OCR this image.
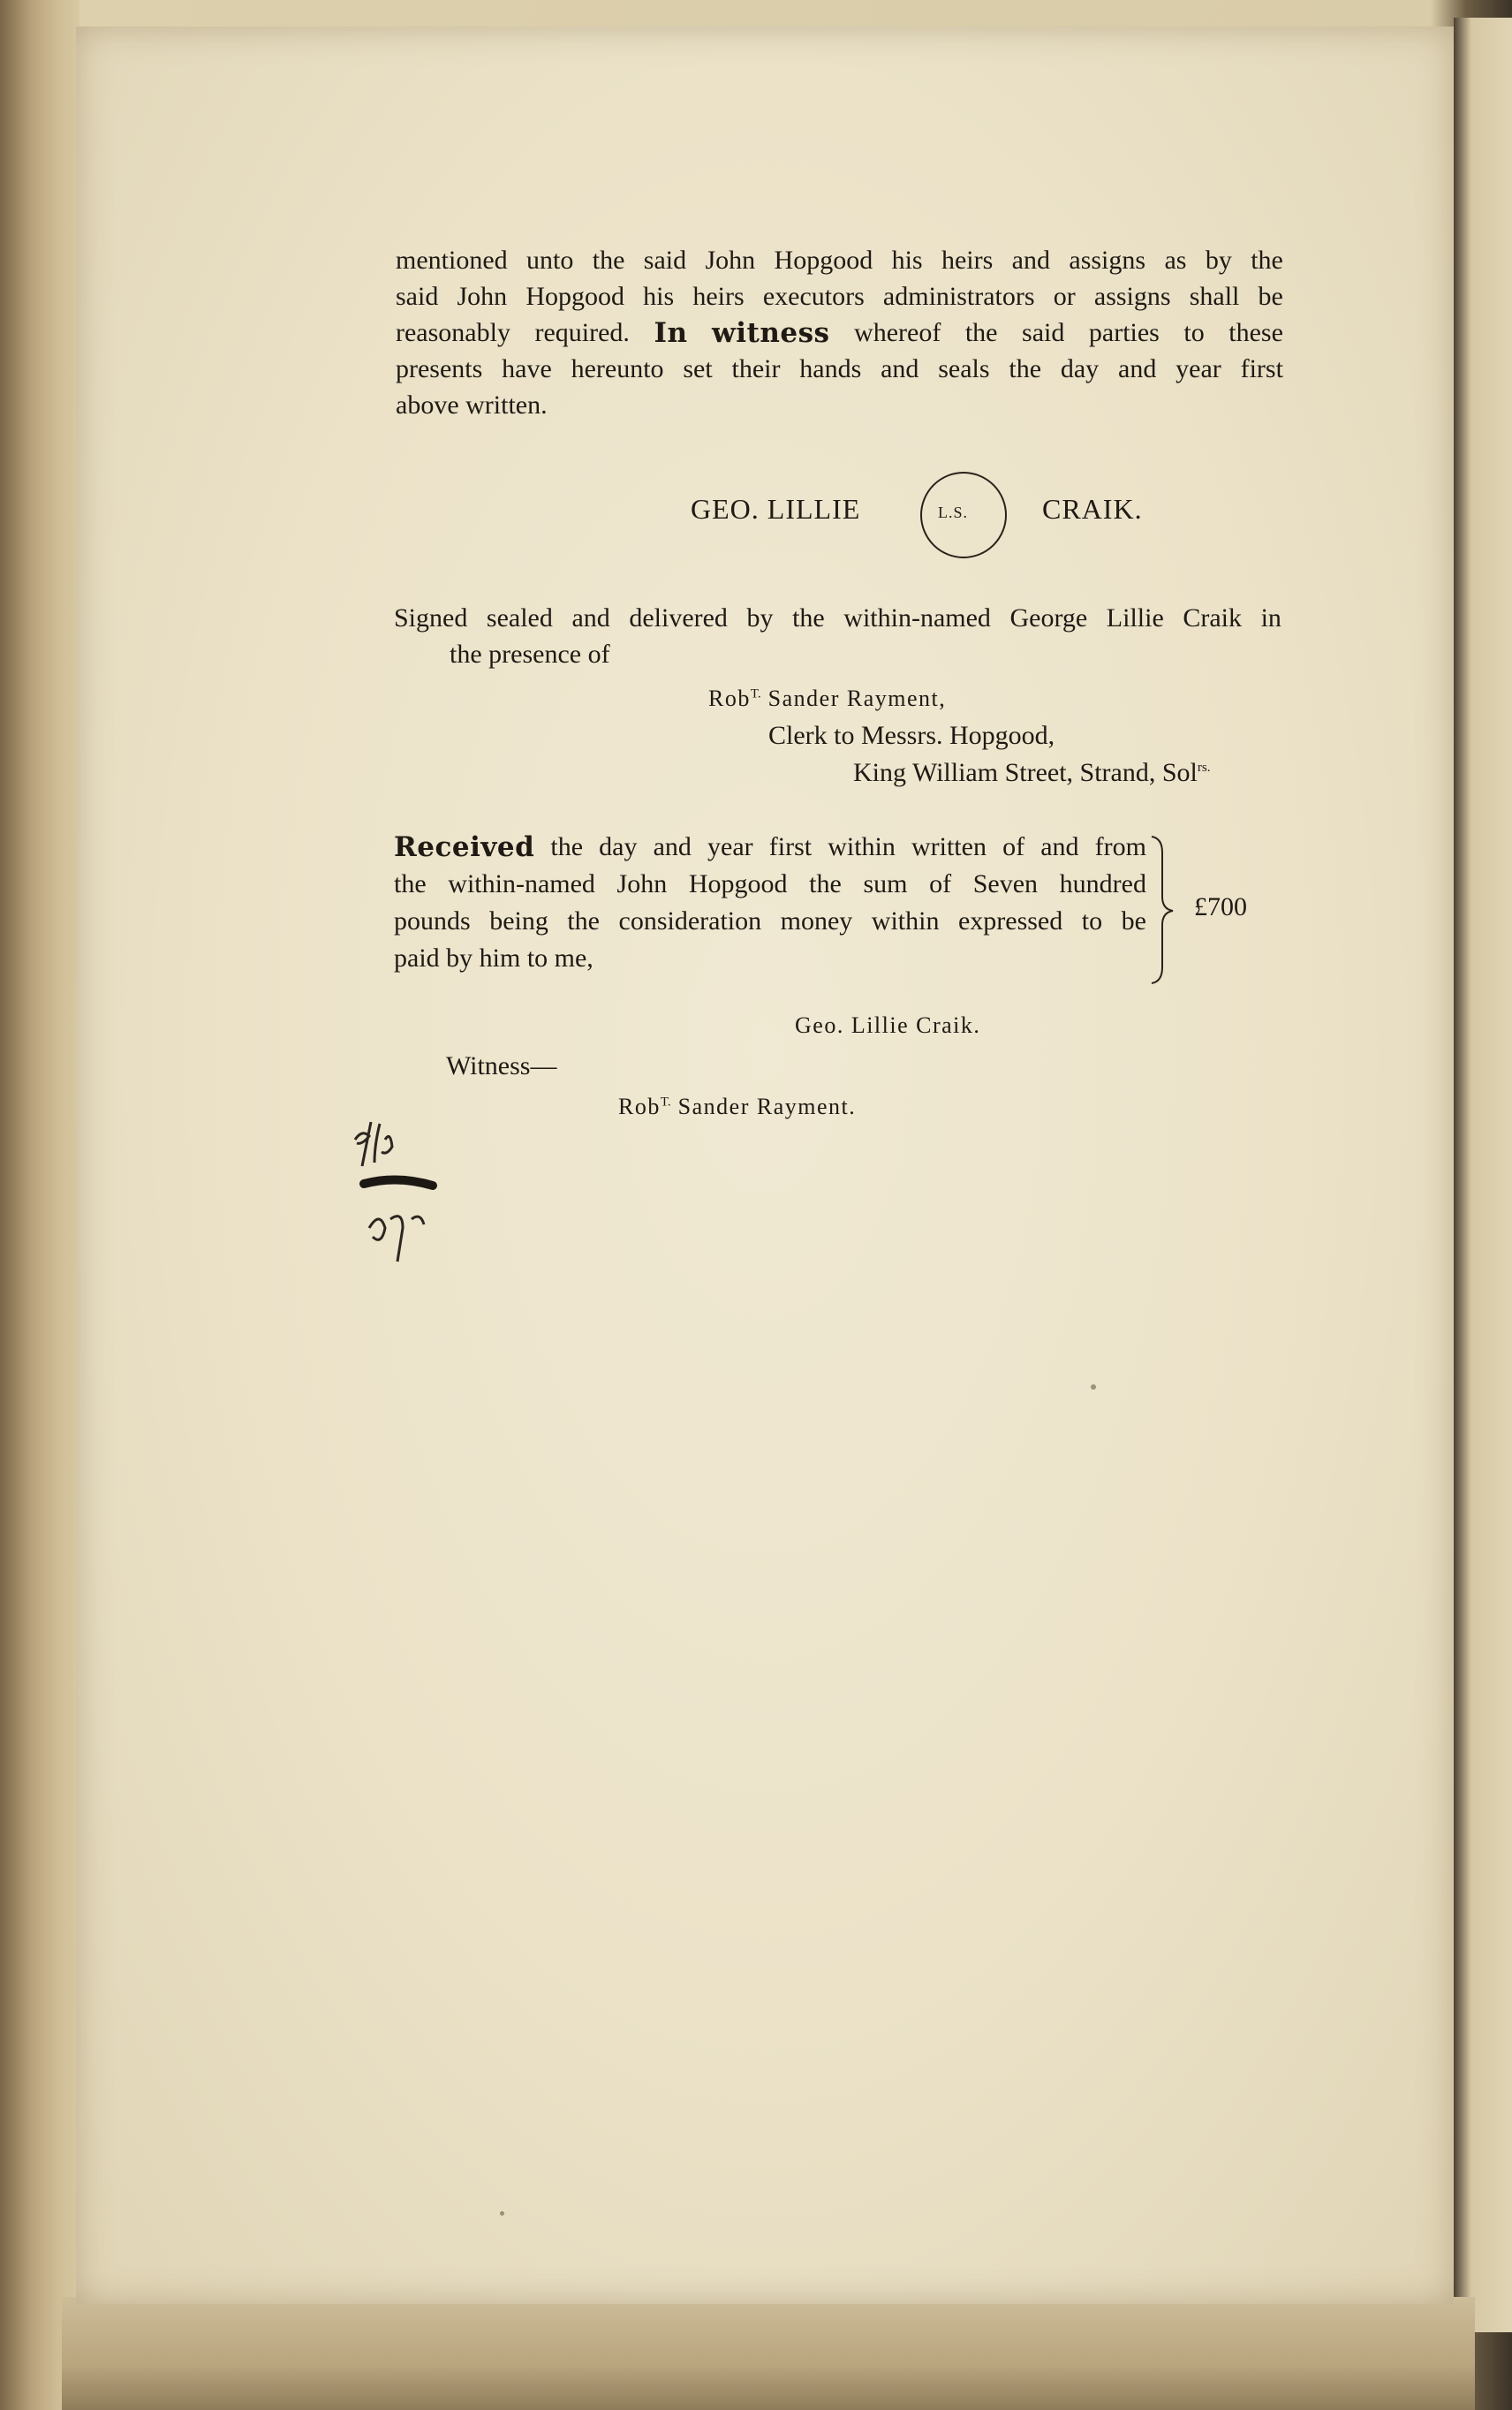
mentioned unto the said John Hopgood his heirs and assigns as by the
said John Hopgood his heirs executors administrators or assigns shall be
reasonably required. In witness whereof the said parties to these
presents have hereunto set their hands and seals the day and year first
above written.
GEO. LILLIE	L.S.	CRAIK.
Signed sealed and delivered by the within-named George Lillie Craik in
the presence of
Rob$^{T.}$ Sander Rayment,
Clerk to Messrs. Hopgood,
King William Street, Strand, Sol$^{rs.}$
Received the day and year first within written of and from
the within-named John Hopgood the sum of Seven hundred
pounds being the consideration money within expressed to be
paid by him to me,
£700
Geo. Lillie Craik.
Witness—
Rob$^{T.}$ Sander Rayment.
